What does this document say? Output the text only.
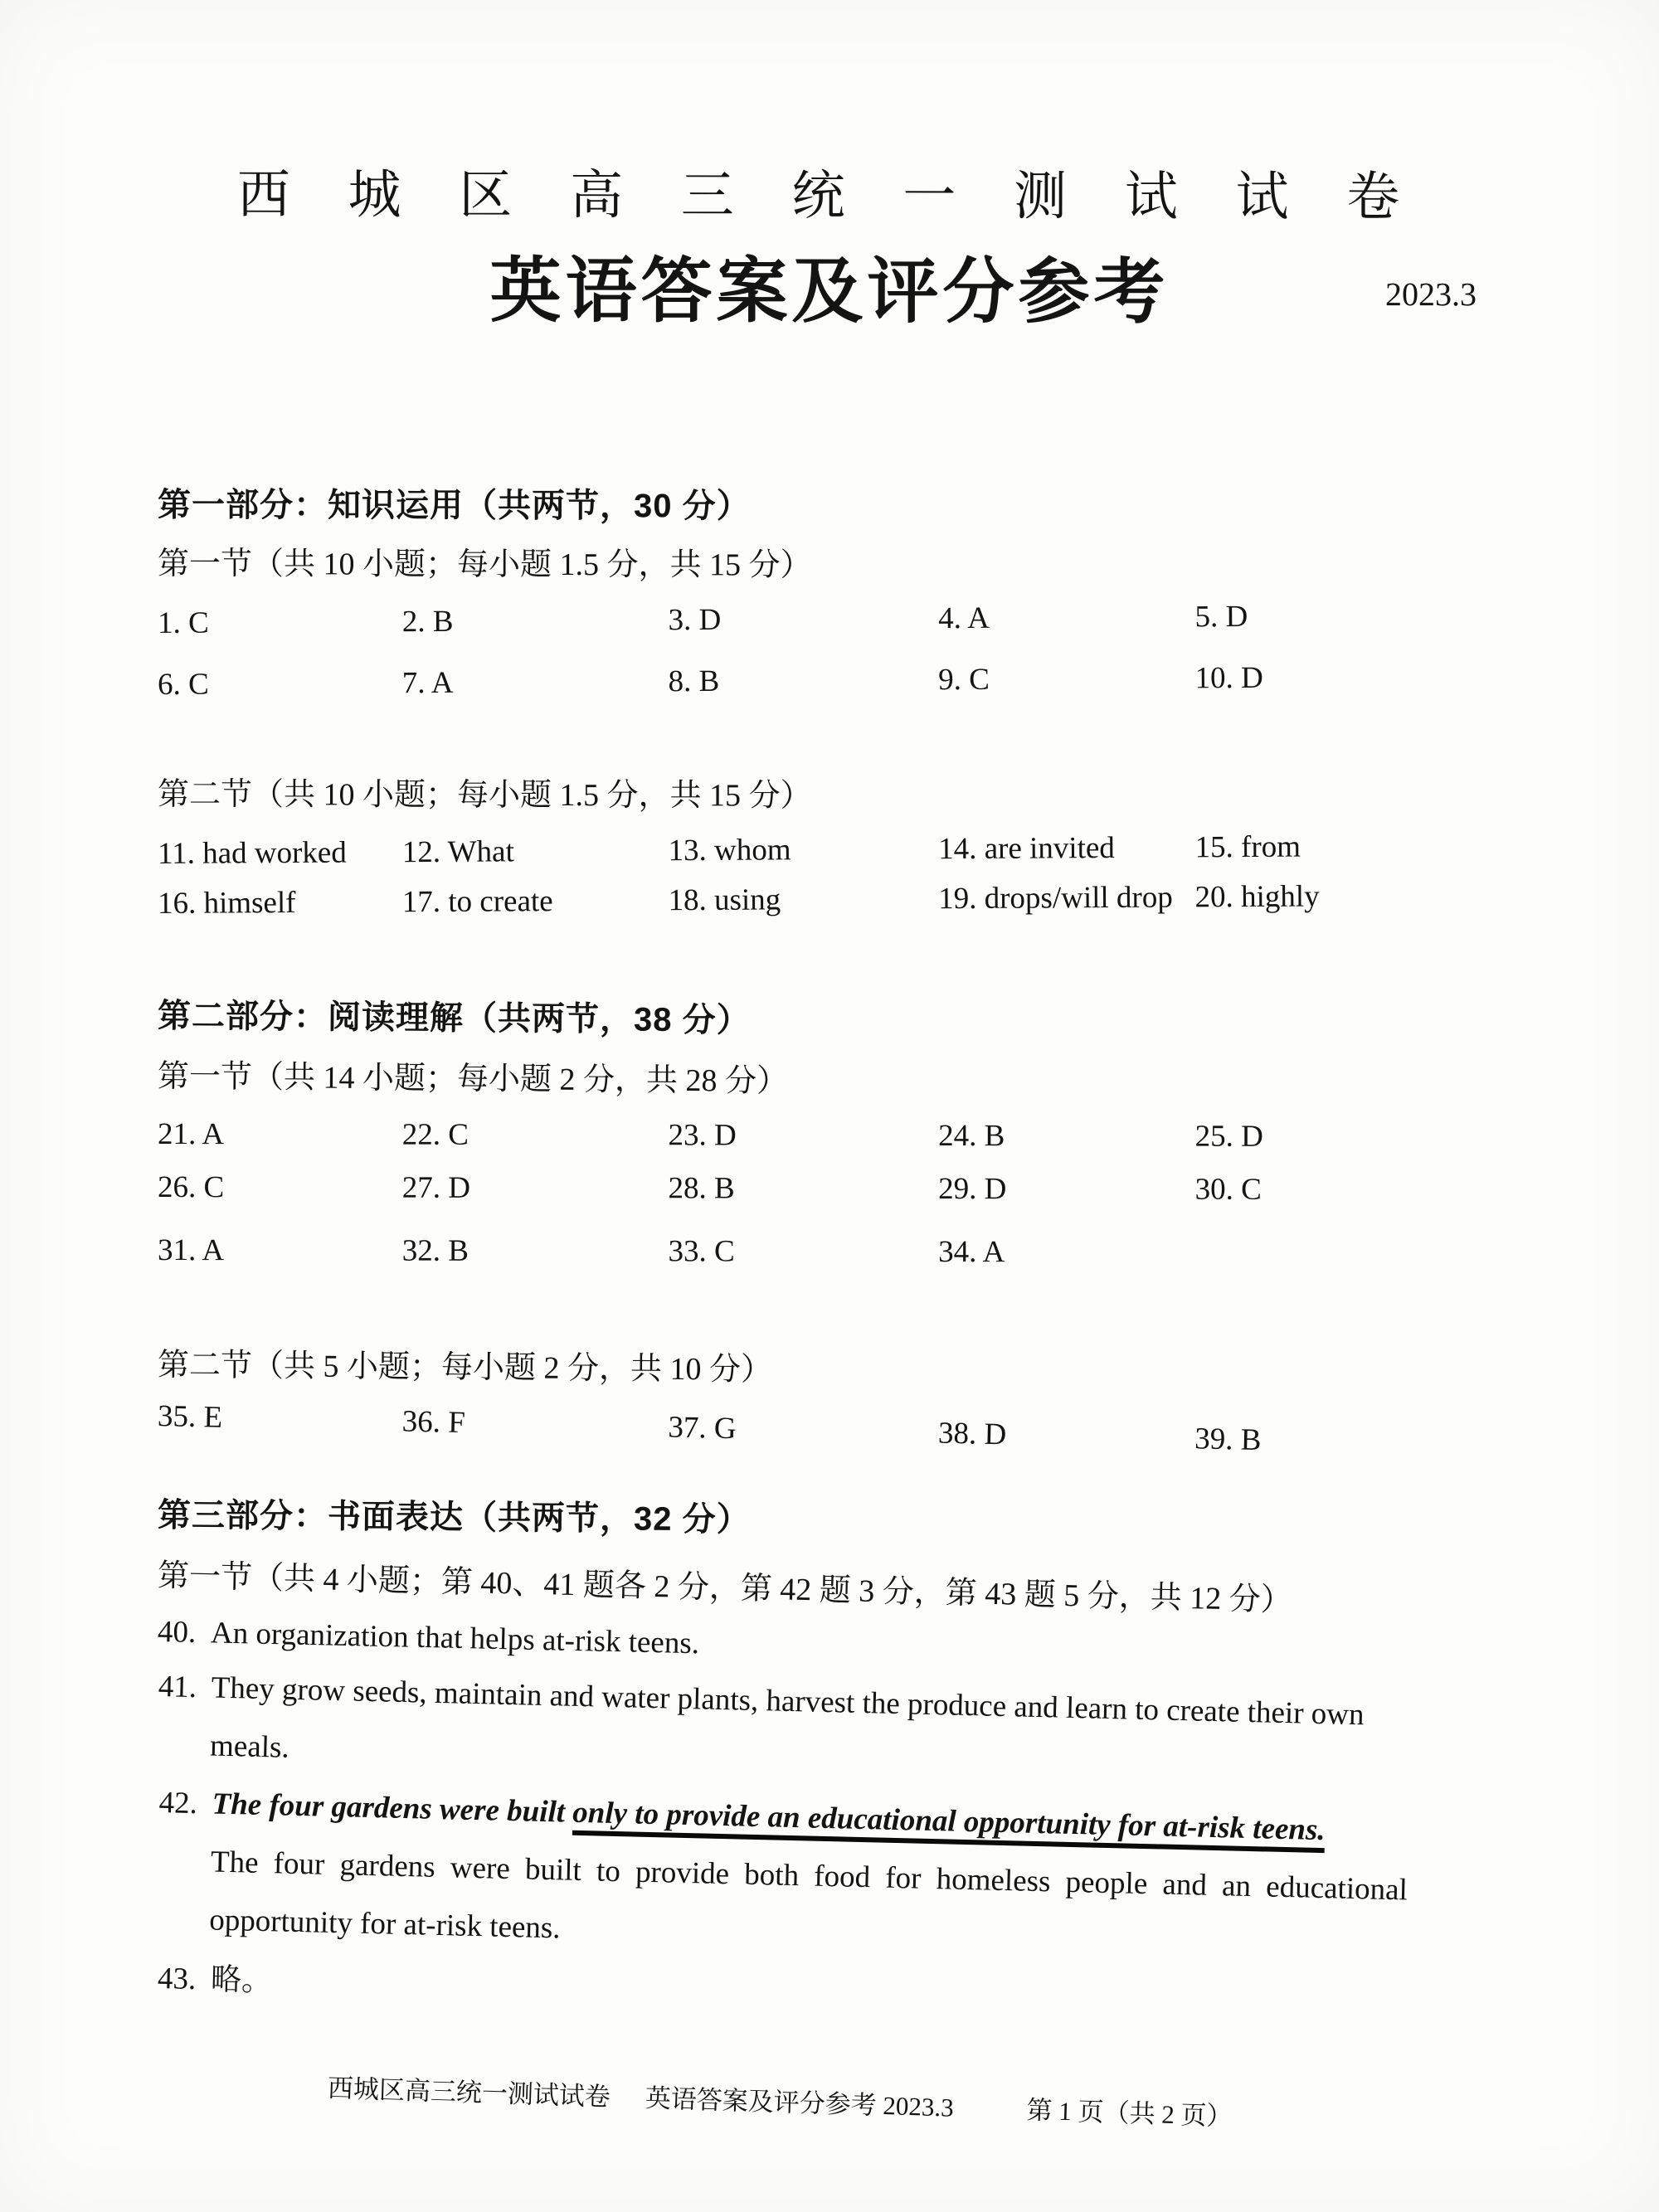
西 城 区 高 三 统 一 测 试 试 卷
英语答案及评分参考	2023.3
第一部分：知识运用（共两节，30 分）
第一节（共 10 小题；每小题 1.5 分，共 15 分）
1. C	2. B	3. D	4. A	5. D
6. C	7. A	8. B	9. C	10. D
第二节（共 10 小题；每小题 1.5 分，共 15 分）
11. had worked	12. What	13. whom	14. are invited	15. from
16. himself	17. to create	18. using	19. drops/will drop 20. highly
第二部分：阅读理解（共两节，38 分）
第一节（共 14 小题；每小题 2 分，共 28 分）
21. A	22. C	23. D	24. B	25. D
26. C	27. D	28. B	29. D	30. C
31. A	32. B	33. C	34. A
第二节（共 5 小题；每小题 2 分，共 10 分）
35. E	36. F	37. G	38. D	39. B
第三部分：书面表达（共两节，32 分）
第一节（共 4 小题；第 40、41 题各 2 分，第 42 题 3 分，第 43 题 5 分，共 12 分）
40. An organization that helps at-risk teens.
41. They grow seeds, maintain and water plants, harvest the produce and learn to create their own
meals.
42. The four gardens were built only to provide an educational opportunity for at-risk teens.
The four gardens were built to provide both food for homeless people and an educational
opportunity for at-risk teens.
43. 略。
西城区高三统一测试试卷 英语答案及评分参考 2023.3	第 1 页（共 2 页）
